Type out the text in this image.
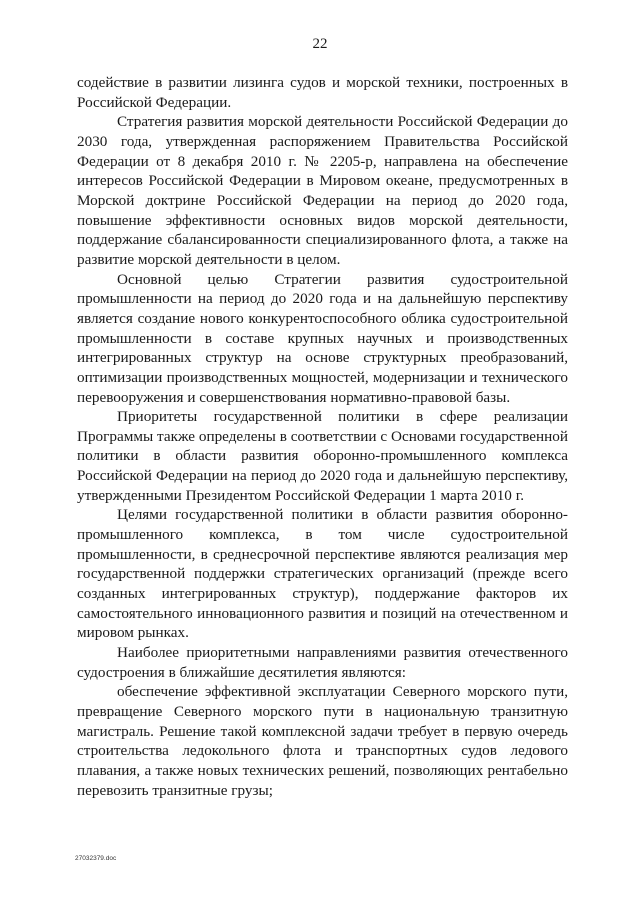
22

содействие в развитии лизинга судов и морской техники, построенных в Российской Федерации.

Стратегия развития морской деятельности Российской Федерации до 2030 года, утвержденная распоряжением Правительства Российской Федерации от 8 декабря 2010 г. № 2205-р, направлена на обеспечение интересов Российской Федерации в Мировом океане, предусмотренных в Морской доктрине Российской Федерации на период до 2020 года, повышение эффективности основных видов морской деятельности, поддержание сбалансированности специализированного флота, а также на развитие морской деятельности в целом.

Основной целью Стратегии развития судостроительной промышленности на период до 2020 года и на дальнейшую перспективу является создание нового конкурентоспособного облика судостроительной промышленности в составе крупных научных и производственных интегрированных структур на основе структурных преобразований, оптимизации производственных мощностей, модернизации и технического перевооружения и совершенствования нормативно-правовой базы.

Приоритеты государственной политики в сфере реализации Программы также определены в соответствии с Основами государственной политики в области развития оборонно-промышленного комплекса Российской Федерации на период до 2020 года и дальнейшую перспективу, утвержденными Президентом Российской Федерации 1 марта 2010 г.

Целями государственной политики в области развития оборонно-промышленного комплекса, в том числе судостроительной промышленности, в среднесрочной перспективе являются реализация мер государственной поддержки стратегических организаций (прежде всего созданных интегрированных структур), поддержание факторов их самостоятельного инновационного развития и позиций на отечественном и мировом рынках.

Наиболее приоритетными направлениями развития отечественного судостроения в ближайшие десятилетия являются:

обеспечение эффективной эксплуатации Северного морского пути, превращение Северного морского пути в национальную транзитную магистраль. Решение такой комплексной задачи требует в первую очередь строительства ледокольного флота и транспортных судов ледового плавания, а также новых технических решений, позволяющих рентабельно перевозить транзитные грузы;

27032379.doc
